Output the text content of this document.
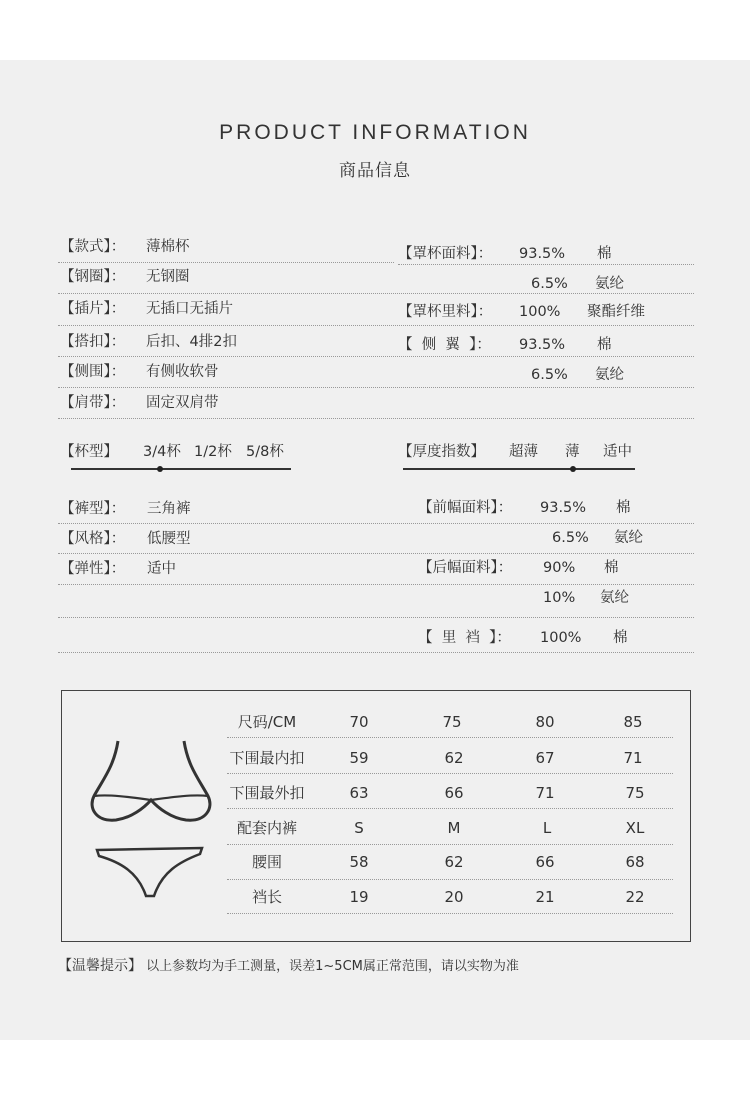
PRODUCT INFORMATION
商品信息
【款式】： 薄棉杯
【钢圈】： 无钢圈
【插片】： 无插口无插片
【搭扣】： 后扣、4排2扣
【侧围】： 有侧收软骨
【肩带】： 固定双肩带
【罩杯面料】： 93.5% 棉
6.5% 氨纶
【罩杯里料】： 100% 聚酯纤维
【  侧  翼  】： 93.5% 棉
6.5% 氨纶
【杯型】 3/4杯 1/2杯 5/8杯	【厚度指数】 超薄 薄 适中
【裤型】： 三角裤
【风格】： 低腰型
【弹性】： 适中
【前幅面料】： 93.5% 棉
6.5% 氨纶
【后幅面料】： 90% 棉
10% 氨纶
【  里  裆  】： 100% 棉
尺码/CM	70	75	80	85
下围最内扣	59	62	67	71
下围最外扣	63	66	71	75
配套内裤	S	M	L	XL
腰围	58	62	66	68
裆长	19	20	21	22
【温馨提示】 以上参数均为手工测量，误差1~5CM属正常范围，请以实物为准
